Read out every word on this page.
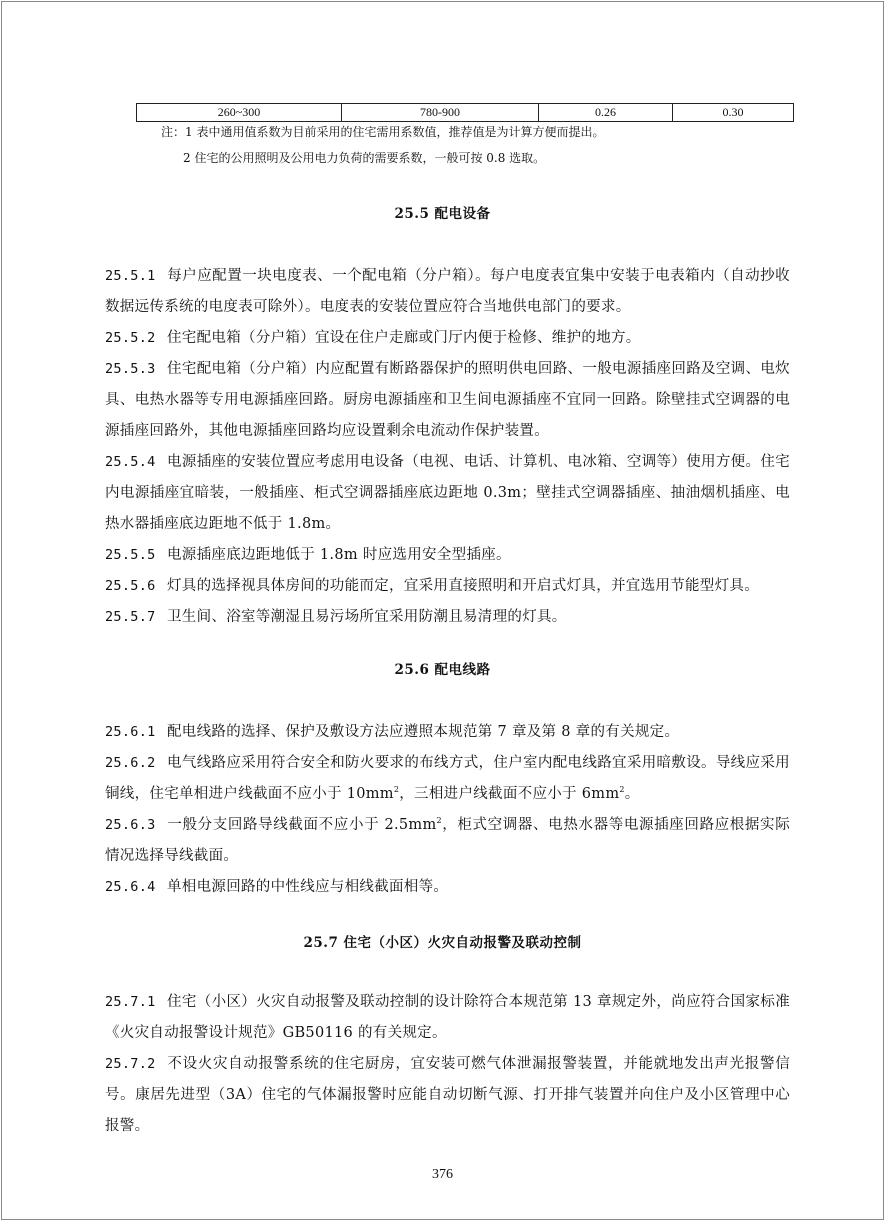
260~300	780-900	0.26	0.30
注：1 表中通用值系数为目前采用的住宅需用系数值，推荐值是为计算方便而提出。
2 住宅的公用照明及公用电力负荷的需要系数，一般可按 0.8 选取。
25.5 配电设备

25.5.1 每户应配置一块电度表、一个配电箱（分户箱）。每户电度表宜集中安装于电表箱内（自动抄收数据远传系统的电度表可除外）。电度表的安装位置应符合当地供电部门的要求。

25.5.2 住宅配电箱（分户箱）宜设在住户走廊或门厅内便于检修、维护的地方。

25.5.3 住宅配电箱（分户箱）内应配置有断路器保护的照明供电回路、一般电源插座回路及空调、电炊具、电热水器等专用电源插座回路。厨房电源插座和卫生间电源插座不宜同一回路。除壁挂式空调器的电源插座回路外，其他电源插座回路均应设置剩余电流动作保护装置。

25.5.4 电源插座的安装位置应考虑用电设备（电视、电话、计算机、电冰箱、空调等）使用方便。住宅内电源插座宜暗装，一般插座、柜式空调器插座底边距地 0.3m；壁挂式空调器插座、抽油烟机插座、电热水器插座底边距地不低于 1.8m。

25.5.5 电源插座底边距地低于 1.8m 时应选用安全型插座。

25.5.6 灯具的选择视具体房间的功能而定，宜采用直接照明和开启式灯具，并宜选用节能型灯具。

25.5.7 卫生间、浴室等潮湿且易污场所宜采用防潮且易清理的灯具。

25.6 配电线路

25.6.1 配电线路的选择、保护及敷设方法应遵照本规范第 7 章及第 8 章的有关规定。

25.6.2 电气线路应采用符合安全和防火要求的布线方式，住户室内配电线路宜采用暗敷设。导线应采用铜线，住宅单相进户线截面不应小于 $10mm^2$，三相进户线截面不应小于 $6mm^2$。

25.6.3 一般分支回路导线截面不应小于 $2.5mm^2$，柜式空调器、电热水器等电源插座回路应根据实际情况选择导线截面。

25.6.4 单相电源回路的中性线应与相线截面相等。

25.7 住宅（小区）火灾自动报警及联动控制

25.7.1 住宅（小区）火灾自动报警及联动控制的设计除符合本规范第 13 章规定外，尚应符合国家标准《火灾自动报警设计规范》GB50116 的有关规定。

25.7.2 不设火灾自动报警系统的住宅厨房，宜安装可燃气体泄漏报警装置，并能就地发出声光报警信号。康居先进型（3A）住宅的气体漏报警时应能自动切断气源、打开排气装置并向住户及小区管理中心报警。

376
